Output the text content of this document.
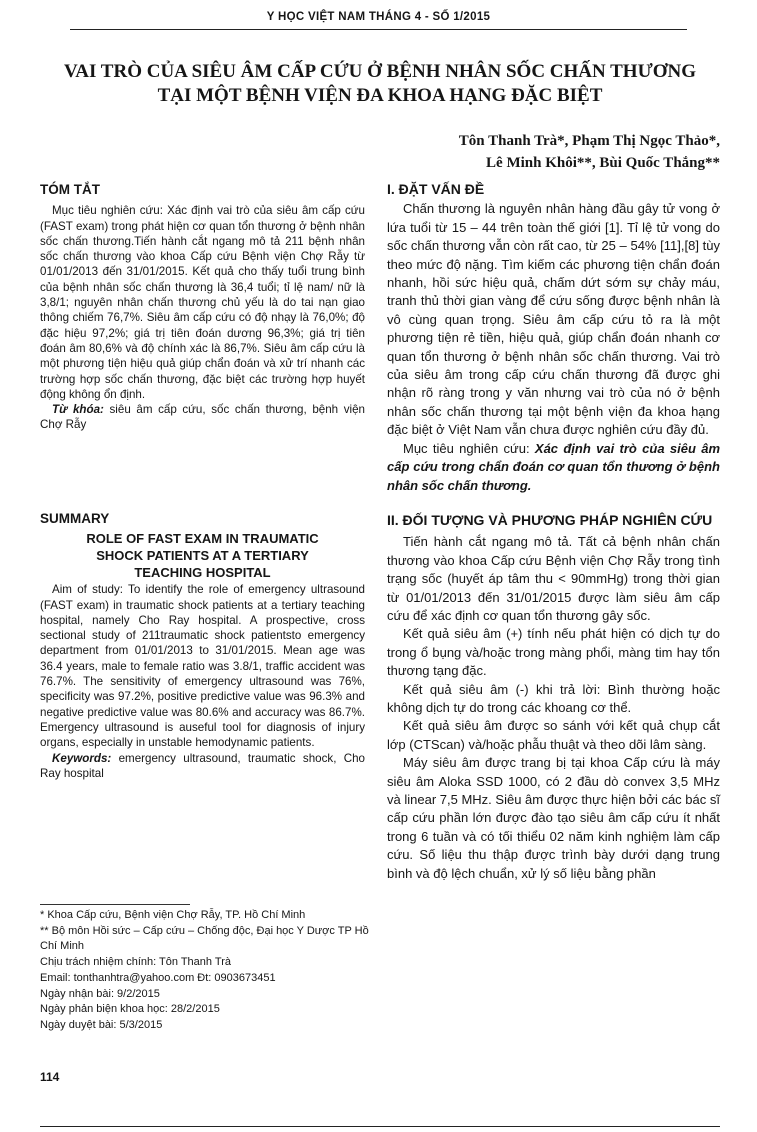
Y HỌC VIỆT NAM THÁNG 4 - SỐ 1/2015
VAI TRÒ CỦA SIÊU ÂM CẤP CỨU Ở BỆNH NHÂN SỐC CHẤN THƯƠNG
TẠI MỘT BỆNH VIỆN ĐA KHOA HẠNG ĐẶC BIỆT
Tôn Thanh Trà*, Phạm Thị Ngọc Thảo*,
Lê Minh Khôi**, Bùi Quốc Thắng**
TÓM TẮT

Mục tiêu nghiên cứu: Xác định vai trò của siêu âm cấp cứu (FAST exam) trong phát hiện cơ quan tổn thương ở bệnh nhân sốc chấn thương.Tiến hành cắt ngang mô tả 211 bệnh nhân sốc chấn thương vào khoa Cấp cứu Bệnh viện Chợ Rẫy từ 01/01/2013 đến 31/01/2015. Kết quả cho thấy tuổi trung bình của bệnh nhân sốc chấn thương là 36,4 tuổi; tỉ lệ nam/ nữ là 3,8/1; nguyên nhân chấn thương chủ yếu là do tai nạn giao thông chiếm 76,7%. Siêu âm cấp cứu có độ nhạy là 76,0%; độ đặc hiệu 97,2%; giá trị tiên đoán dương 96,3%; giá trị tiên đoán âm 80,6% và độ chính xác là 86,7%. Siêu âm cấp cứu là một phương tiện hiệu quả giúp chẩn đoán và xử trí nhanh các trường hợp sốc chấn thương, đặc biệt các trường hợp huyết động không ổn định.

Từ khóa: siêu âm cấp cứu, sốc chấn thương, bệnh viện Chợ Rẫy

SUMMARY
ROLE OF FAST EXAM IN TRAUMATIC
SHOCK PATIENTS AT A TERTIARY
TEACHING HOSPITAL

Aim of study: To identify the role of emergency ultrasound (FAST exam) in traumatic shock patients at a tertiary teaching hospital, namely Cho Ray hospital. A prospective, cross sectional study of 211traumatic shock patientsto emergency department from 01/01/2013 to 31/01/2015. Mean age was 36.4 years, male to female ratio was 3.8/1, traffic accident was 76.7%. The sensitivity of emergency ultrasound was 76%, specificity was 97.2%, positive predictive value was 96.3% and negative predictive value was 80.6% and accuracy was 86.7%. Emergency ultrasound is auseful tool for diagnosis of injury organs, especially in unstable hemodynamic patients.

Keywords: emergency ultrasound, traumatic shock, Cho Ray hospital

* Khoa Cấp cứu, Bệnh viện Chợ Rẫy, TP. Hồ Chí Minh
** Bộ môn Hồi sức – Cấp cứu – Chống độc, Đại học Y Dược TP Hồ Chí Minh
Chịu trách nhiệm chính: Tôn Thanh Trà
Email: tonthanhtra@yahoo.com Đt: 0903673451
Ngày nhận bài: 9/2/2015
Ngày phản biện khoa học: 28/2/2015
Ngày duyệt bài: 5/3/2015
I. ĐẶT VẤN ĐỀ

Chấn thương là nguyên nhân hàng đầu gây tử vong ở lứa tuổi từ 15 – 44 trên toàn thế giới [1]. Tỉ lệ tử vong do sốc chấn thương vẫn còn rất cao, từ 25 – 54% [11],[8] tùy theo mức độ nặng. Tìm kiếm các phương tiện chẩn đoán nhanh, hồi sức hiệu quả, chấm dứt sớm sự chảy máu, tranh thủ thời gian vàng để cứu sống được bệnh nhân là vô cùng quan trọng. Siêu âm cấp cứu tỏ ra là một phương tiện rẻ tiền, hiệu quả, giúp chẩn đoán nhanh cơ quan tổn thương ở bệnh nhân sốc chấn thương. Vai trò của siêu âm trong cấp cứu chấn thương đã được ghi nhận rõ ràng trong y văn nhưng vai trò của nó ở bệnh nhân sốc chấn thương tại một bệnh viện đa khoa hạng đặc biệt ở Việt Nam vẫn chưa được nghiên cứu đầy đủ.

Mục tiêu nghiên cứu: Xác định vai trò của siêu âm cấp cứu trong chẩn đoán cơ quan tổn thương ở bệnh nhân sốc chấn thương.

II. ĐỐI TƯỢNG VÀ PHƯƠNG PHÁP NGHIÊN CỨU

Tiến hành cắt ngang mô tả. Tất cả bệnh nhân chấn thương vào khoa Cấp cứu Bệnh viện Chợ Rẫy trong tình trạng sốc (huyết áp tâm thu < 90mmHg) trong thời gian từ 01/01/2013 đến 31/01/2015 được làm siêu âm cấp cứu để xác định cơ quan tổn thương gây sốc.

Kết quả siêu âm (+) tính nếu phát hiện có dịch tự do trong ổ bụng và/hoặc trong màng phổi, màng tim hay tổn thương tạng đặc.

Kết quả siêu âm (-) khi trả lời: Bình thường hoặc không dịch tự do trong các khoang cơ thể.

Kết quả siêu âm được so sánh với kết quả chụp cắt lớp (CTScan) và/hoặc phẫu thuật và theo dõi lâm sàng.

Máy siêu âm được trang bị tại khoa Cấp cứu là máy siêu âm Aloka SSD 1000, có 2 đầu dò convex 3,5 MHz và linear 7,5 MHz. Siêu âm được thực hiện bởi các bác sĩ cấp cứu phần lớn được đào tạo siêu âm cấp cứu ít nhất trong 6 tuần và có tối thiểu 02 năm kinh nghiệm làm cấp cứu. Số liệu thu thập được trình bày dưới dạng trung bình và độ lệch chuẩn, xử lý số liệu bằng phần

114
